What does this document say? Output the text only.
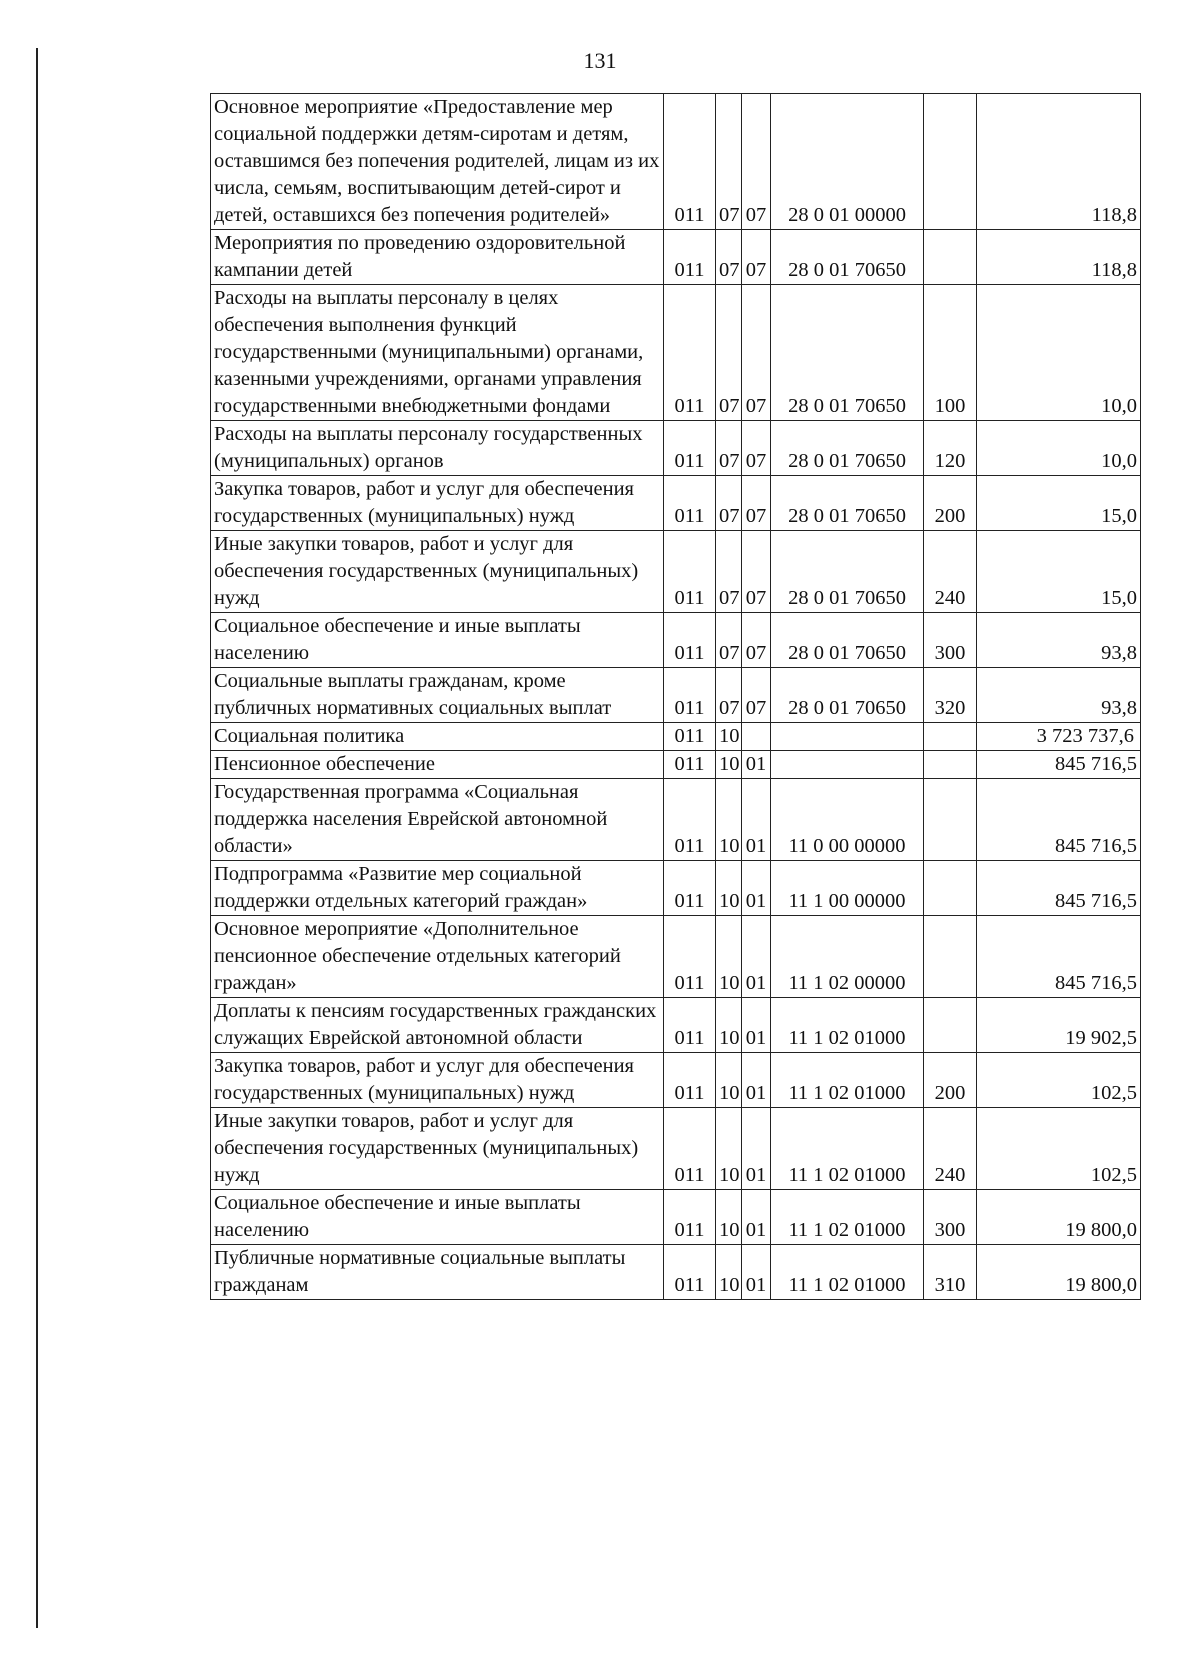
131
Основное мероприятие «Предоставление мер социальной поддержки детям-сиротам и детям, оставшимся без попечения родителей, лицам из их числа, семьям, воспитывающим детей-сирот и детей, оставшихся без попечения родителей»	011	07	07	28 0 01 00000		118,8
Мероприятия по проведению оздоровительной кампании детей	011	07	07	28 0 01 70650		118,8
Расходы на выплаты персоналу в целях обеспечения выполнения функций государственными (муниципальными) органами, казенными учреждениями, органами управления государственными внебюджетными фондами	011	07	07	28 0 01 70650	100	10,0
Расходы на выплаты персоналу государственных (муниципальных) органов	011	07	07	28 0 01 70650	120	10,0
Закупка товаров, работ и услуг для обеспечения государственных (муниципальных) нужд	011	07	07	28 0 01 70650	200	15,0
Иные закупки товаров, работ и услуг для обеспечения государственных (муниципальных) нужд	011	07	07	28 0 01 70650	240	15,0
Социальное обеспечение и иные выплаты населению	011	07	07	28 0 01 70650	300	93,8
Социальные выплаты гражданам, кроме публичных нормативных социальных выплат	011	07	07	28 0 01 70650	320	93,8
Социальная политика	011	10				3 723 737,6
Пенсионное обеспечение	011	10	01			845 716,5
Государственная программа «Социальная поддержка населения Еврейской автономной области»	011	10	01	11 0 00 00000		845 716,5
Подпрограмма «Развитие мер социальной поддержки отдельных категорий граждан»	011	10	01	11 1 00 00000		845 716,5
Основное мероприятие «Дополнительное пенсионное обеспечение отдельных категорий граждан»	011	10	01	11 1 02 00000		845 716,5
Доплаты к пенсиям государственных гражданских служащих Еврейской автономной области	011	10	01	11 1 02 01000		19 902,5
Закупка товаров, работ и услуг для обеспечения государственных (муниципальных) нужд	011	10	01	11 1 02 01000	200	102,5
Иные закупки товаров, работ и услуг для обеспечения государственных (муниципальных) нужд	011	10	01	11 1 02 01000	240	102,5
Социальное обеспечение и иные выплаты населению	011	10	01	11 1 02 01000	300	19 800,0
Публичные нормативные социальные выплаты гражданам	011	10	01	11 1 02 01000	310	19 800,0
